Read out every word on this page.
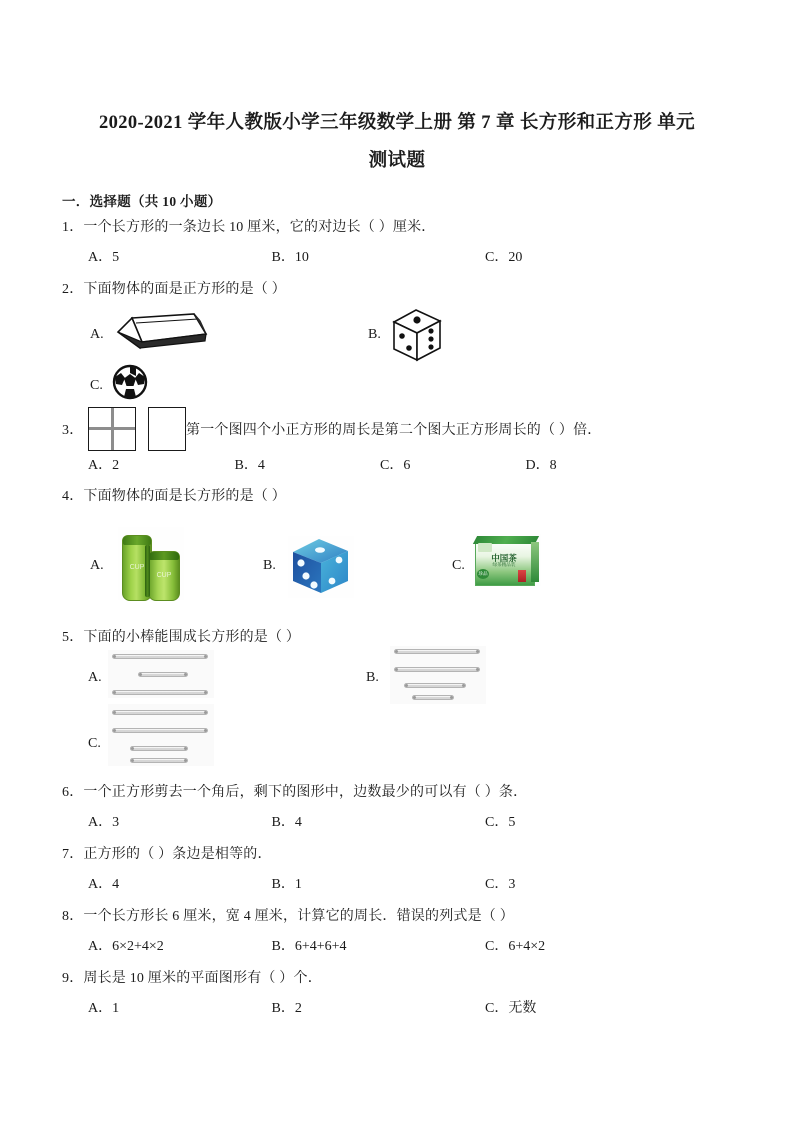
2020-2021 学年人教版小学三年级数学上册 第 7 章 长方形和正方形 单元
测试题
一．选择题（共 10 小题）
1．一个长方形的一条边长 10 厘米，它的对边长（ ）厘米．
A．5	B．10	C．20
2．下面物体的面是正方形的是（ ）
A.	B.
C.
3．	第一个图四个小正方形的周长是第二个图大正方形周长的（ ）倍．
A．2	B．4	C．6	D．8
4．下面物体的面是长方形的是（ ）
A.	CUP
CUP
B.	C.	中国茶
绿茶精品装
珍品
5．下面的小棒能围成长方形的是（ ）
A.	B.
C.
6．一个正方形剪去一个角后，剩下的图形中，边数最少的可以有（ ）条．
A．3	B．4	C．5
7．正方形的（ ）条边是相等的．
A．4	B．1	C．3
8．一个长方形长 6 厘米，宽 4 厘米，计算它的周长．错误的列式是（ ）
A．6×2+4×2	B．6+4+6+4	C．6+4×2
9．周长是 10 厘米的平面图形有（ ）个．
A．1	B．2	C．无数
